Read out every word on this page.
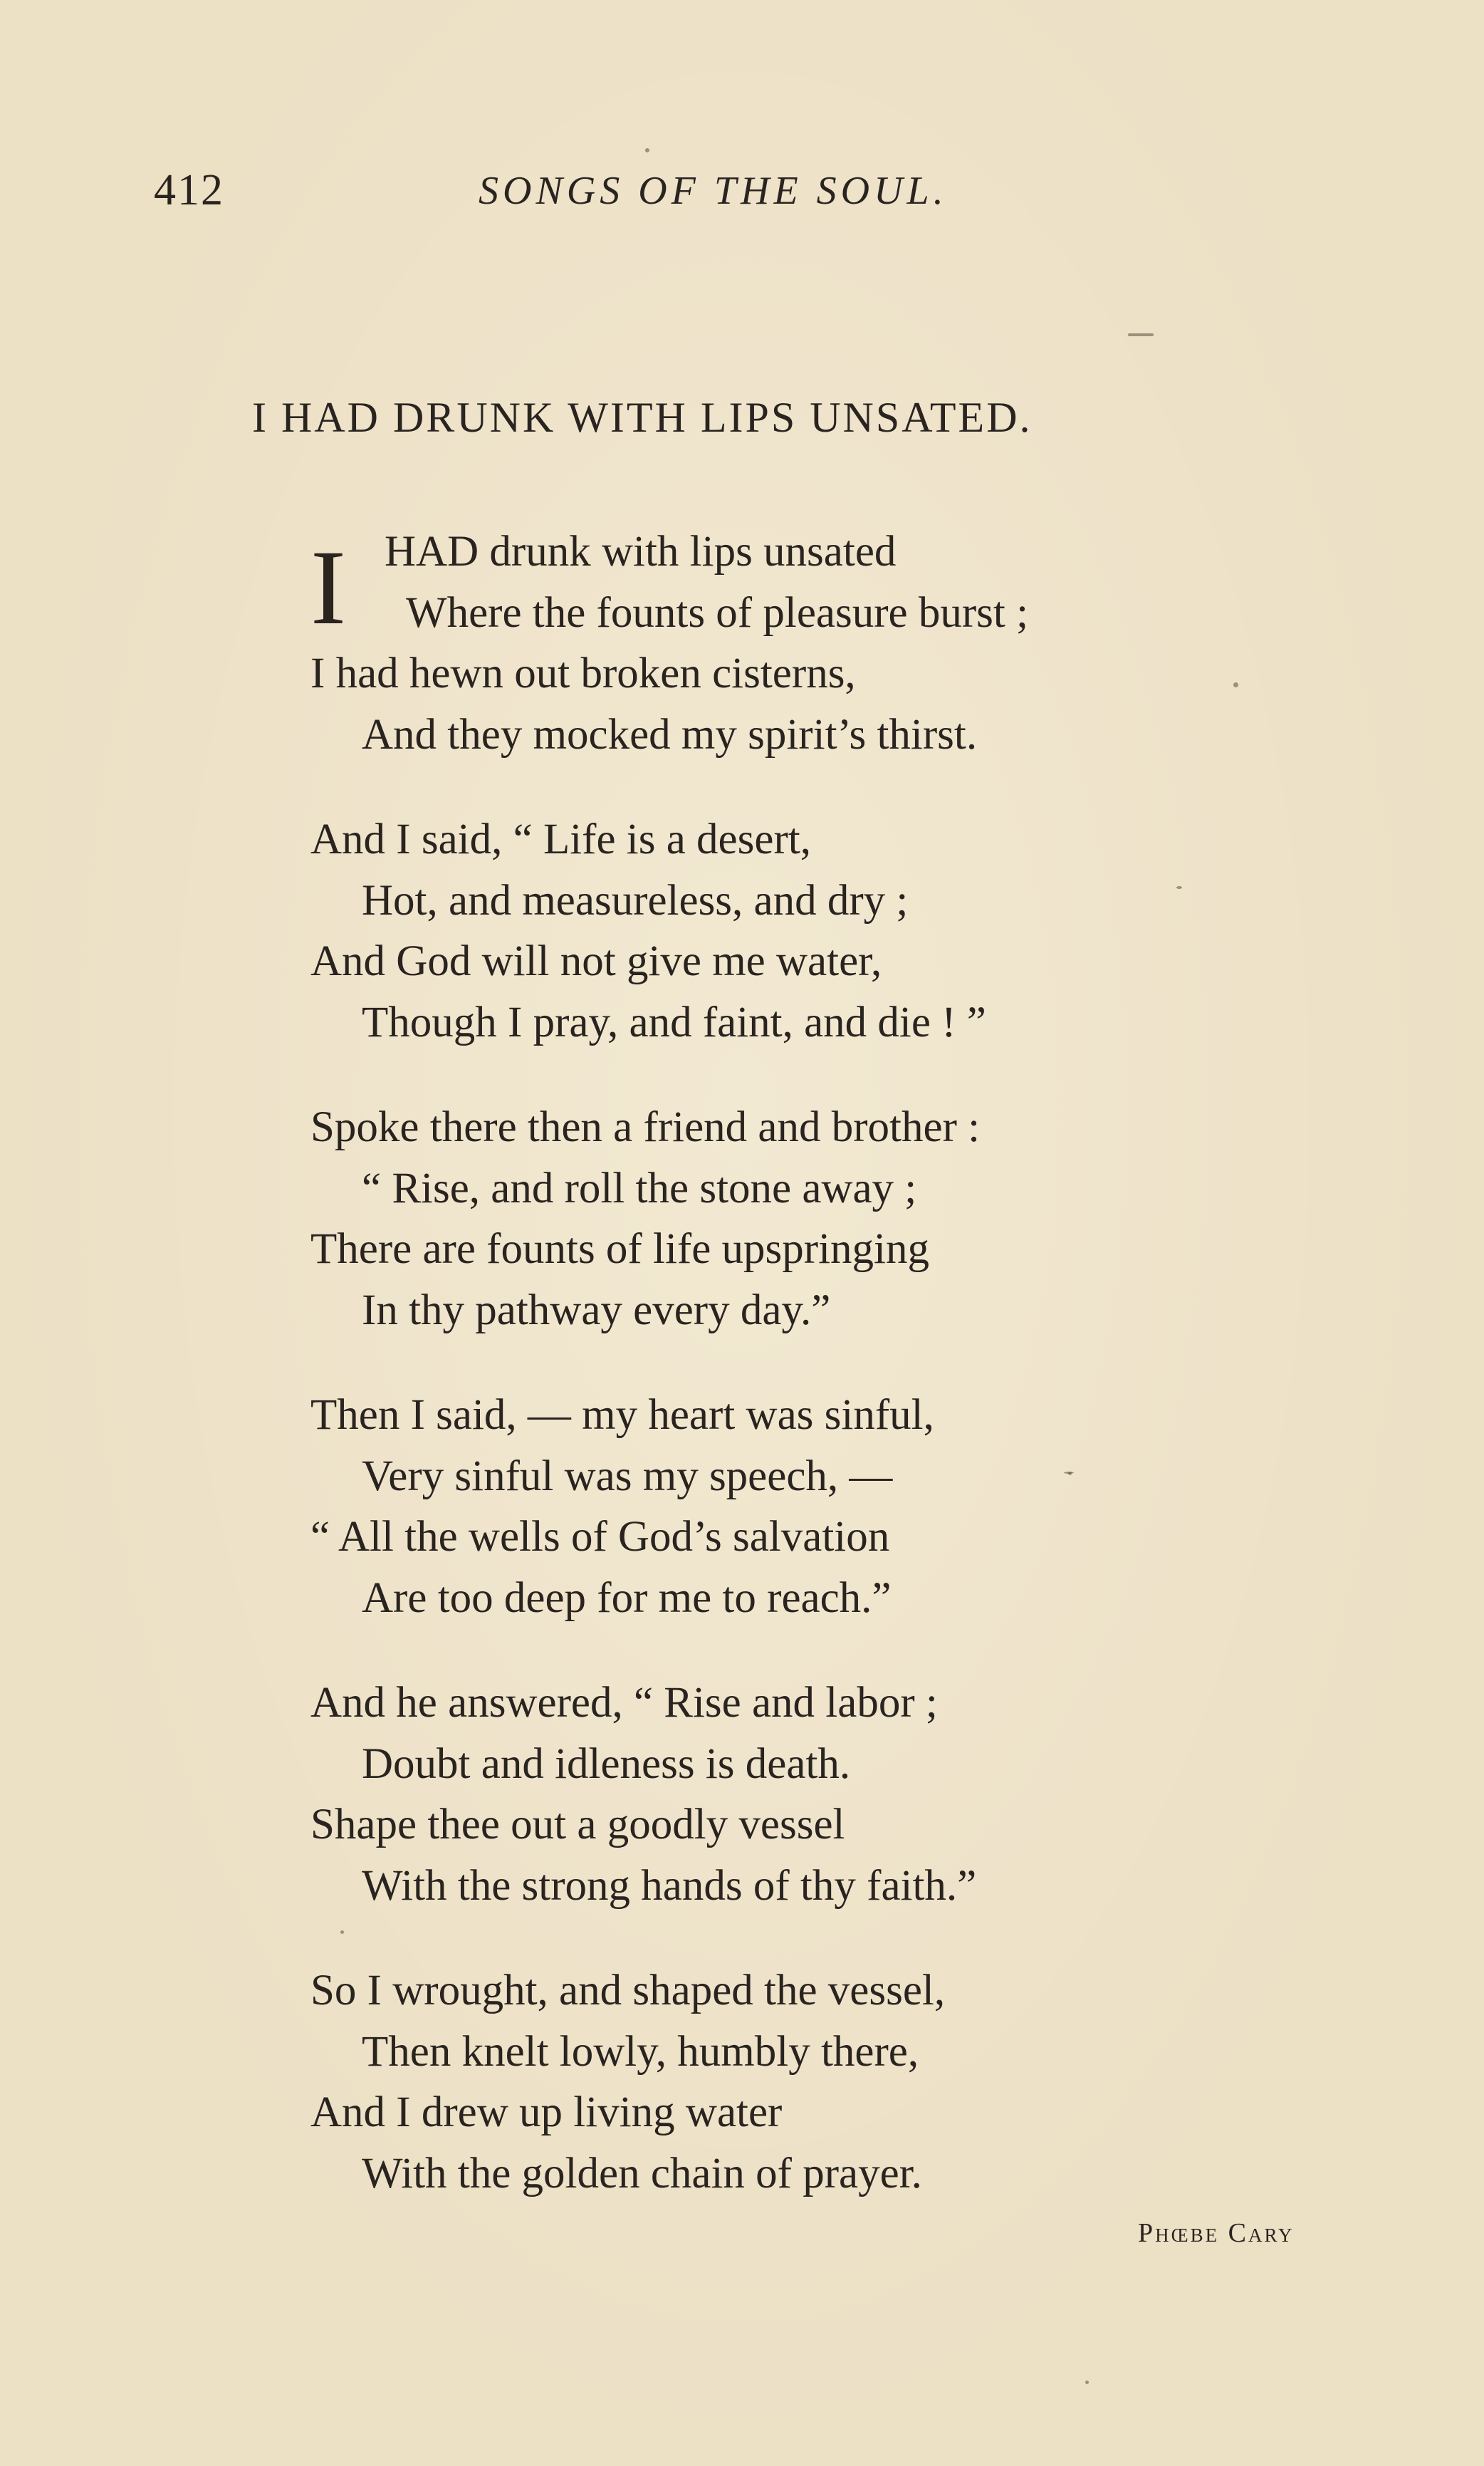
412	SONGS OF THE SOUL.
I HAD DRUNK WITH LIPS UNSATED.
I HAD drunk with lips unsated
Where the founts of pleasure burst ;
I had hewn out broken cisterns,
And they mocked my spirit’s thirst.
And I said, “ Life is a desert,
Hot, and measureless, and dry ;
And God will not give me water,
Though I pray, and faint, and die ! ”
Spoke there then a friend and brother :
“ Rise, and roll the stone away ;
There are founts of life upspringing
In thy pathway every day.”
Then I said, — my heart was sinful,
Very sinful was my speech, —
“ All the wells of God’s salvation
Are too deep for me to reach.”
And he answered, “ Rise and labor ;
Doubt and idleness is death.
Shape thee out a goodly vessel
With the strong hands of thy faith.”
So I wrought, and shaped the vessel,
Then knelt lowly, humbly there,
And I drew up living water
With the golden chain of prayer.
Phœbe Cary
